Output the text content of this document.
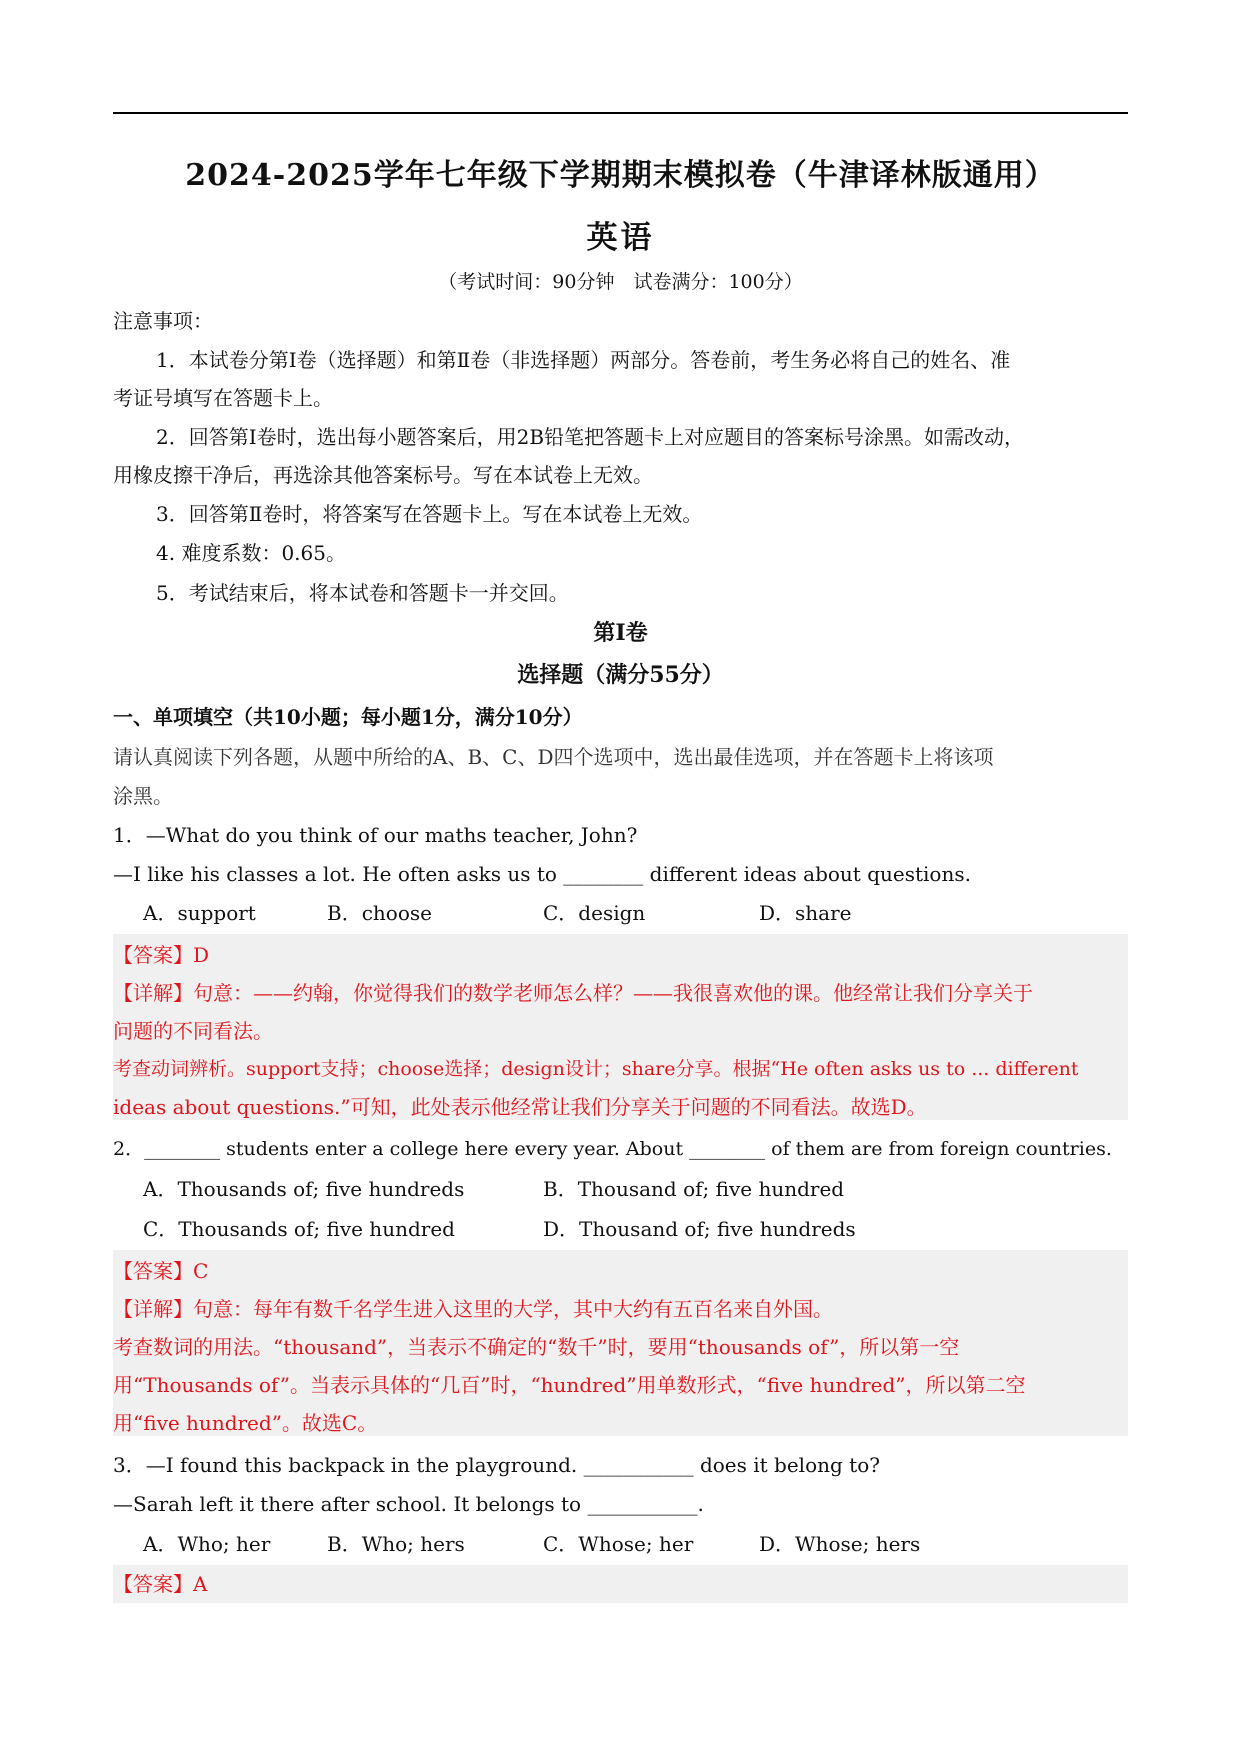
2024-2025学年七年级下学期期末模拟卷（牛津译林版通用）
英语
（考试时间：90分钟　试卷满分：100分）
注意事项：
1．本试卷分第Ⅰ卷（选择题）和第Ⅱ卷（非选择题）两部分。答卷前，考生务必将自己的姓名、准
考证号填写在答题卡上。
2．回答第Ⅰ卷时，选出每小题答案后，用2B铅笔把答题卡上对应题目的答案标号涂黑。如需改动，
用橡皮擦干净后，再选涂其他答案标号。写在本试卷上无效。
3．回答第Ⅱ卷时，将答案写在答题卡上。写在本试卷上无效。
4. 难度系数：0.65。
5．考试结束后，将本试卷和答题卡一并交回。
第Ⅰ卷
选择题（满分55分）
一、单项填空（共10小题；每小题1分，满分10分）
请认真阅读下列各题，从题中所给的A、B、C、D四个选项中，选出最佳选项，并在答题卡上将该项
涂黑。
1．—What do you think of our maths teacher, John?
—I like his classes a lot. He often asks us to ________ different ideas about questions.
A．support	B．choose	C．design	D．share
【答案】D
【详解】句意：——约翰，你觉得我们的数学老师怎么样？——我很喜欢他的课。他经常让我们分享关于
问题的不同看法。
考查动词辨析。support支持；choose选择；design设计；share分享。根据“He often asks us to ... different
ideas about questions.”可知，此处表示他经常让我们分享关于问题的不同看法。故选D。
2．________ students enter a college here every year. About ________ of them are from foreign countries.
A．Thousands of; five hundreds	B．Thousand of; five hundred
C．Thousands of; five hundred	D．Thousand of; five hundreds
【答案】C
【详解】句意：每年有数千名学生进入这里的大学，其中大约有五百名来自外国。
考查数词的用法。“thousand”，当表示不确定的“数千”时，要用“thousands of”，所以第一空
用“Thousands of”。当表示具体的“几百”时，“hundred”用单数形式，“five hundred”，所以第二空
用“five hundred”。故选C。
3．—I found this backpack in the playground. ___________ does it belong to?
—Sarah left it there after school. It belongs to ___________.
A．Who; her	B．Who; hers	C．Whose; her	D．Whose; hers
【答案】A
